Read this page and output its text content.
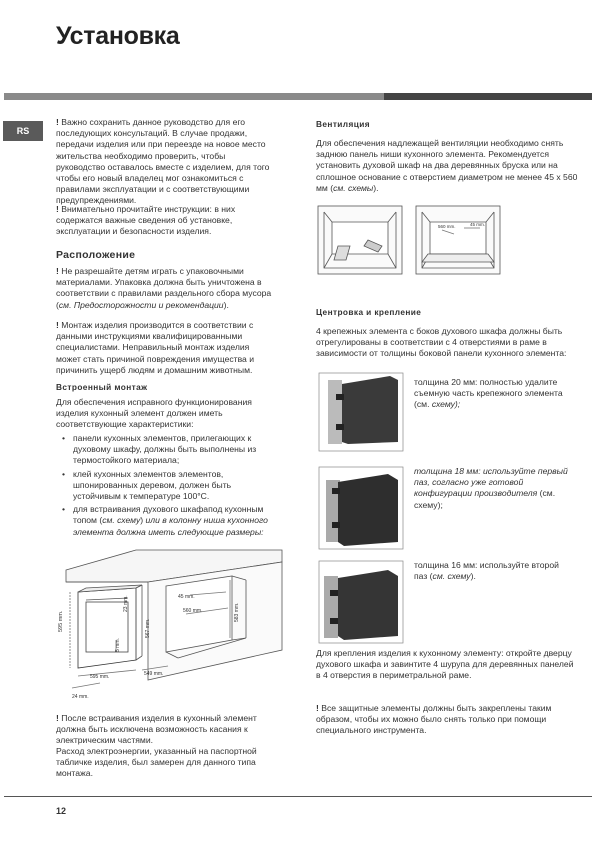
Установка
RS
! Важно сохранить данное руководство для его последующих консультаций. В случае продажи, передачи изделия или при переезде на новое место жительства необходимо проверить, чтобы руководство оставалось вместе с изделием, для того чтобы его новый владелец мог ознакомиться с правилами эксплуатации и с соответствующими предупреждениями.
! Внимательно прочитайте инструкции: в них содержатся важные сведения об установке, эксплуатации и безопасности изделия.
Расположение
! Не разрешайте детям играть с упаковочными материалами. Упаковка должна быть уничтожена в соответствии с правилами раздельного сбора мусора (см. Предосторожности и рекомендации).
! Монтаж изделия производится в соответствии с данными инструкциями квалифицированными специалистами. Неправильный монтаж изделия может стать причиной повреждения имущества и причинить ущерб людям и домашним животным.
Встроенный монтаж
Для обеспечения исправного функционирования изделия кухонный элемент должен иметь соответствующие характеристики:
• панели кухонных элементов, прилегающих к духовому шкафу, должны быть выполнены из термостойкого материала;
• клей кухонных элементов элементов, шпонированных деревом, должен быть устойчивым к температуре 100°C.
• для встраивания духового шкафапод кухонным топом (см. схему) или в колонну ниша кухонного элемента должна иметь следующие размеры:
595 mm.
23 mm.	45 mm.
560 mm.	583 mm.
567 mm.
5 mm.
595 mm.	549 mm.
24 mm.
! После встраивания изделия в кухонный элемент должна быть исключена возможность касания к электрическим частями.
Расход электроэнергии, указанный на паспортной табличке изделия, был замерен для данного типа монтажа.
Вентиляция
Для обеспечения надлежащей вентиляции необходимо снять заднюю панель ниши кухонного элемента. Рекомендуется установить духовой шкаф на два деревянных бруска или на сплошное основание с отверстием диаметром не менее 45 x 560 мм (см. схемы).
560 mm.	45 mm.
Центровка и крепление
4 крепежных элемента с боков духового шкафа должны быть отрегулированы в соответствии с 4 отверстиями в раме в зависимости от толщины боковой панели кухонного элемента:
толщина 20 мм: полностью удалите съемную часть крепежного элемента (см. схему);
толщина 18 мм: используйте первый паз, согласно уже готовой конфигурации производителя (см. схему);
толщина 16 мм: используйте второй паз (см. схему).
Для крепления изделия к кухонному элементу: откройте дверцу духового шкафа и завинтите 4 шурупа для деревянных панелей в 4 отверстия в периметральной раме.
! Все защитные элементы должны быть закреплены таким образом, чтобы их можно было снять только при помощи специального инструмента.
12
